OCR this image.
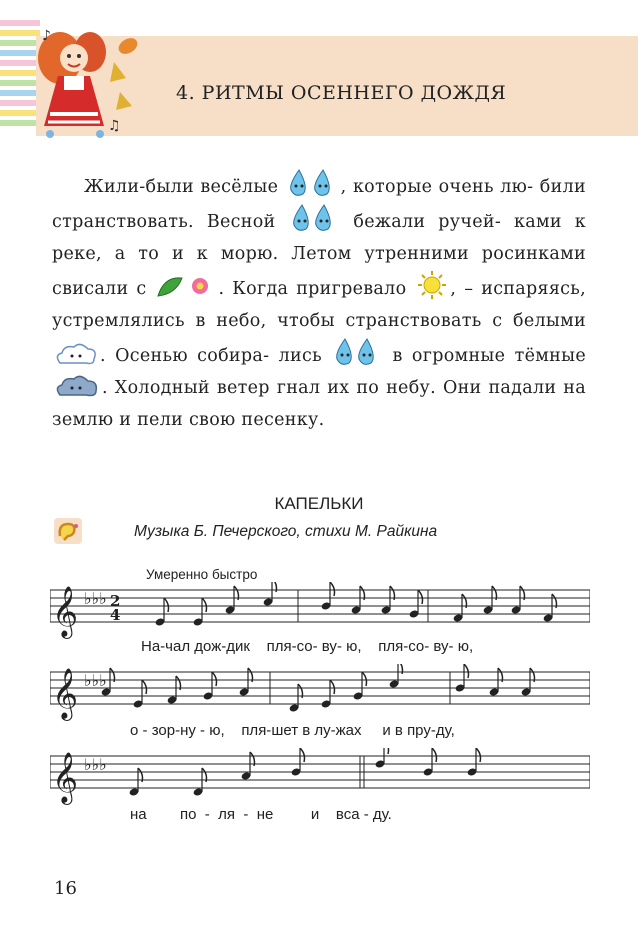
♪
♫
4. РИТМЫ ОСЕННЕГО ДОЖДЯ

Жили-были весёлые	, которые очень лю- били странствовать. Весной	бежали ручей- ками к реке, а то и к морю. Летом утренними росинками свисали с	. Когда пригревало	, – испаряясь, устремлялись в небо, чтобы странствовать с белыми . Осенью собира- лись	в огромные тёмные . Холодный ветер гнал их по небу. Они падали на землю и пели свою песенку.

КАПЕЛЬКИ
Музыка Б. Печерского, стихи М. Райкина
Умеренно быстро
𝄞 ♭♭♭ 2
4
На-чал дож-дик пля-со- ву- ю, пля-со- ву- ю,
𝄞 ♭♭♭
о - зор-ну - ю, пля-шет в лу-жах и в пру-ду,
𝄞 ♭♭♭
на по - ля - не	и вса - ду.
16
